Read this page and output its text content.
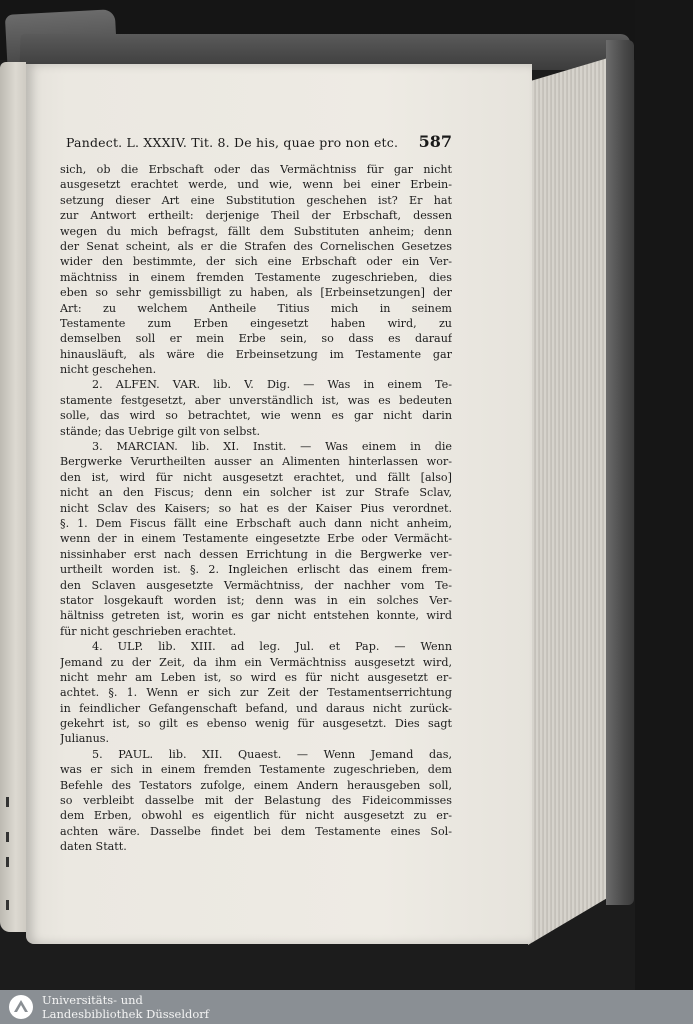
Pandect. L. XXXIV. Tit. 8. De his, quae pro non etc. 587
sich, ob die Erbschaft oder das Vermächtniss für gar nicht
ausgesetzt erachtet werde, und wie, wenn bei einer Erbein-
setzung dieser Art eine Substitution geschehen ist? Er hat
zur Antwort ertheilt: derjenige Theil der Erbschaft, dessen
wegen du mich befragst, fällt dem Substituten anheim; denn
der Senat scheint, als er die Strafen des Cornelischen Gesetzes
wider den bestimmte, der sich eine Erbschaft oder ein Ver-
mächtniss in einem fremden Testamente zugeschrieben, dies
eben so sehr gemissbilligt zu haben, als [Erbeinsetzungen] der
Art: zu welchem Antheile Titius mich in seinem
Testamente zum Erben eingesetzt haben wird, zu
demselben soll er mein Erbe sein, so dass es darauf
hinausläuft, als wäre die Erbeinsetzung im Testamente gar
nicht geschehen.
2. ALFEN. VAR. lib. V. Dig. — Was in einem Te-
stamente festgesetzt, aber unverständlich ist, was es bedeuten
solle, das wird so betrachtet, wie wenn es gar nicht darin
stände; das Uebrige gilt von selbst.
3. MARCIAN. lib. XI. Instit. — Was einem in die
Bergwerke Verurtheilten ausser an Alimenten hinterlassen wor-
den ist, wird für nicht ausgesetzt erachtet, und fällt [also]
nicht an den Fiscus; denn ein solcher ist zur Strafe Sclav,
nicht Sclav des Kaisers; so hat es der Kaiser Pius verordnet.
§. 1. Dem Fiscus fällt eine Erbschaft auch dann nicht anheim,
wenn der in einem Testamente eingesetzte Erbe oder Vermächt-
nissinhaber erst nach dessen Errichtung in die Bergwerke ver-
urtheilt worden ist. §. 2. Ingleichen erlischt das einem frem-
den Sclaven ausgesetzte Vermächtniss, der nachher vom Te-
stator losgekauft worden ist; denn was in ein solches Ver-
hältniss getreten ist, worin es gar nicht entstehen konnte, wird
für nicht geschrieben erachtet.
4. ULP. lib. XIII. ad leg. Jul. et Pap. — Wenn
Jemand zu der Zeit, da ihm ein Vermächtniss ausgesetzt wird,
nicht mehr am Leben ist, so wird es für nicht ausgesetzt er-
achtet. §. 1. Wenn er sich zur Zeit der Testamentserrichtung
in feindlicher Gefangenschaft befand, und daraus nicht zurück-
gekehrt ist, so gilt es ebenso wenig für ausgesetzt. Dies sagt
Julianus.
5. PAUL. lib. XII. Quaest. — Wenn Jemand das,
was er sich in einem fremden Testamente zugeschrieben, dem
Befehle des Testators zufolge, einem Andern herausgeben soll,
so verbleibt dasselbe mit der Belastung des Fideicommisses
dem Erben, obwohl es eigentlich für nicht ausgesetzt zu er-
achten wäre. Dasselbe findet bei dem Testamente eines Sol-
daten Statt.
Universitäts- und
Landesbibliothek Düsseldorf
